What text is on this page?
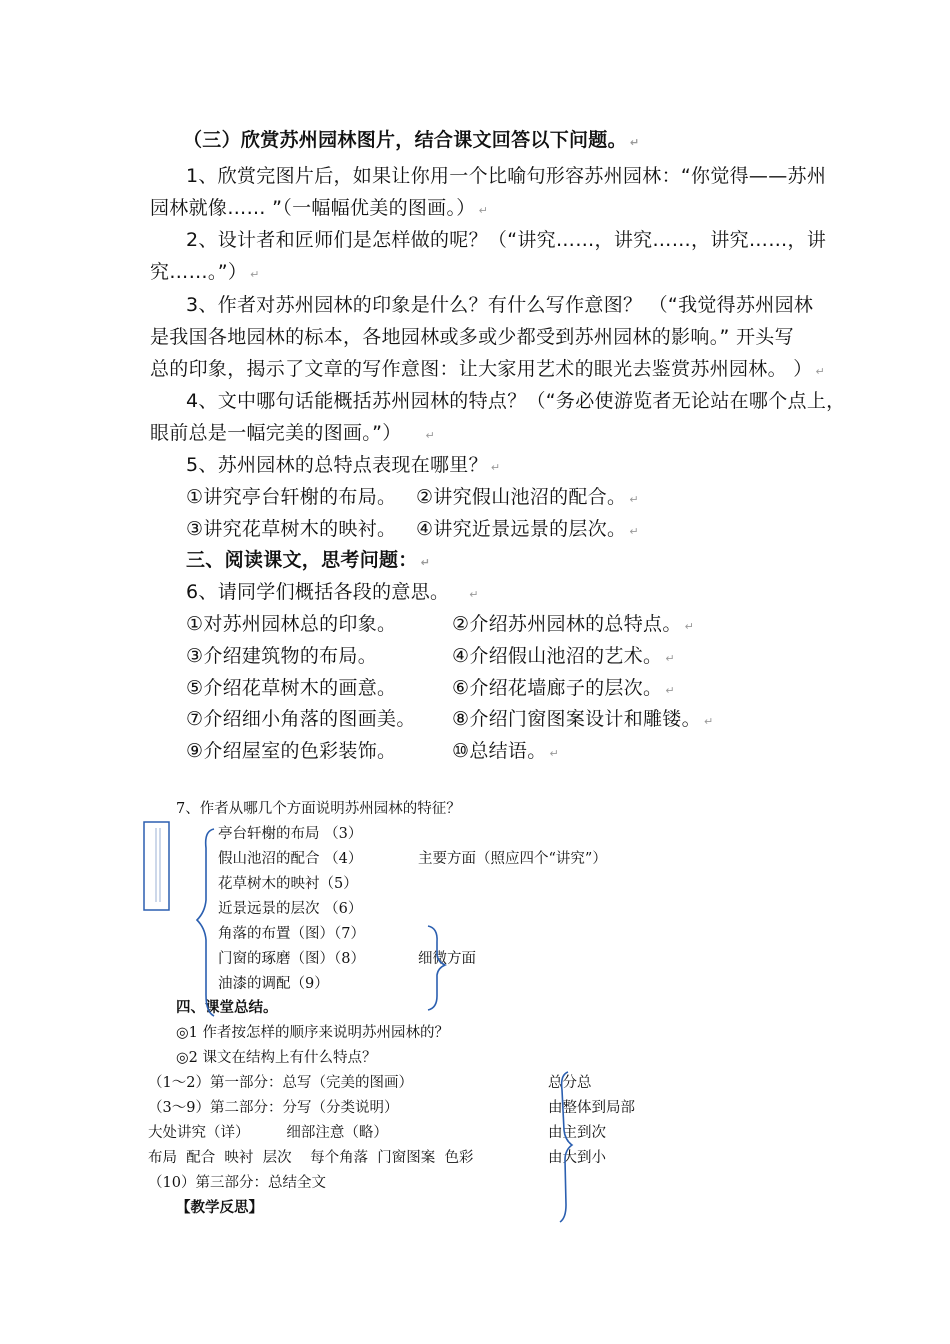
（三）欣赏苏州园林图片，结合课文回答以下问题。 ↵
1、欣赏完图片后，如果让你用一个比喻句形容苏州园林：“你觉得——苏州
园林就像…… ”（一幅幅优美的图画。） ↵
2、设计者和匠师们是怎样做的呢？（“讲究……，讲究……，讲究……，讲
究……。”） ↵
3、作者对苏州园林的印象是什么？有什么写作意图？ （“我觉得苏州园林
是我国各地园林的标本，各地园林或多或少都受到苏州园林的影响。” 开头写
总的印象，揭示了文章的写作意图：让大家用艺术的眼光去鉴赏苏州园林。 ） ↵
4、文中哪句话能概括苏州园林的特点？（“务必使游览者无论站在哪个点上，
眼前总是一幅完美的图画。”） ↵
5、苏州园林的总特点表现在哪里？ ↵
①讲究亭台轩榭的布局。 ②讲究假山池沼的配合。 ↵
③讲究花草树木的映衬。 ④讲究近景远景的层次。 ↵
三、阅读课文，思考问题： ↵
6、请同学们概括各段的意思。 ↵
①对苏州园林总的印象。	②介绍苏州园林的总特点。 ↵
③介绍建筑物的布局。	④介绍假山池沼的艺术。 ↵
⑤介绍花草树木的画意。	⑥介绍花墙廊子的层次。 ↵
⑦介绍细小角落的图画美。 ⑧介绍门窗图案设计和雕镂。 ↵
⑨介绍屋室的色彩装饰。	⑩总结语。 ↵
7、作者从哪几个方面说明苏州园林的特征？
亭台轩榭的布局 （3）
假山池沼的配合 （4）	主要方面（照应四个“讲究”）
花草树木的映衬（5）
近景远景的层次 （6）
角落的布置（图）（7）
门窗的琢磨（图）（8）	细微方面
油漆的调配（9）
四、课堂总结。
◎1 作者按怎样的顺序来说明苏州园林的？
◎2 课文在结构上有什么特点？
（1～2）第一部分：总写（完美的图画）	总分总
（3～9）第二部分：分写（分类说明）	由整体到局部
大处讲究（详）        细部注意（略）	由主到次
布局  配合  映衬  层次    每个角落  门窗图案  色彩	由大到小
（10）第三部分：总结全文
【教学反思】
